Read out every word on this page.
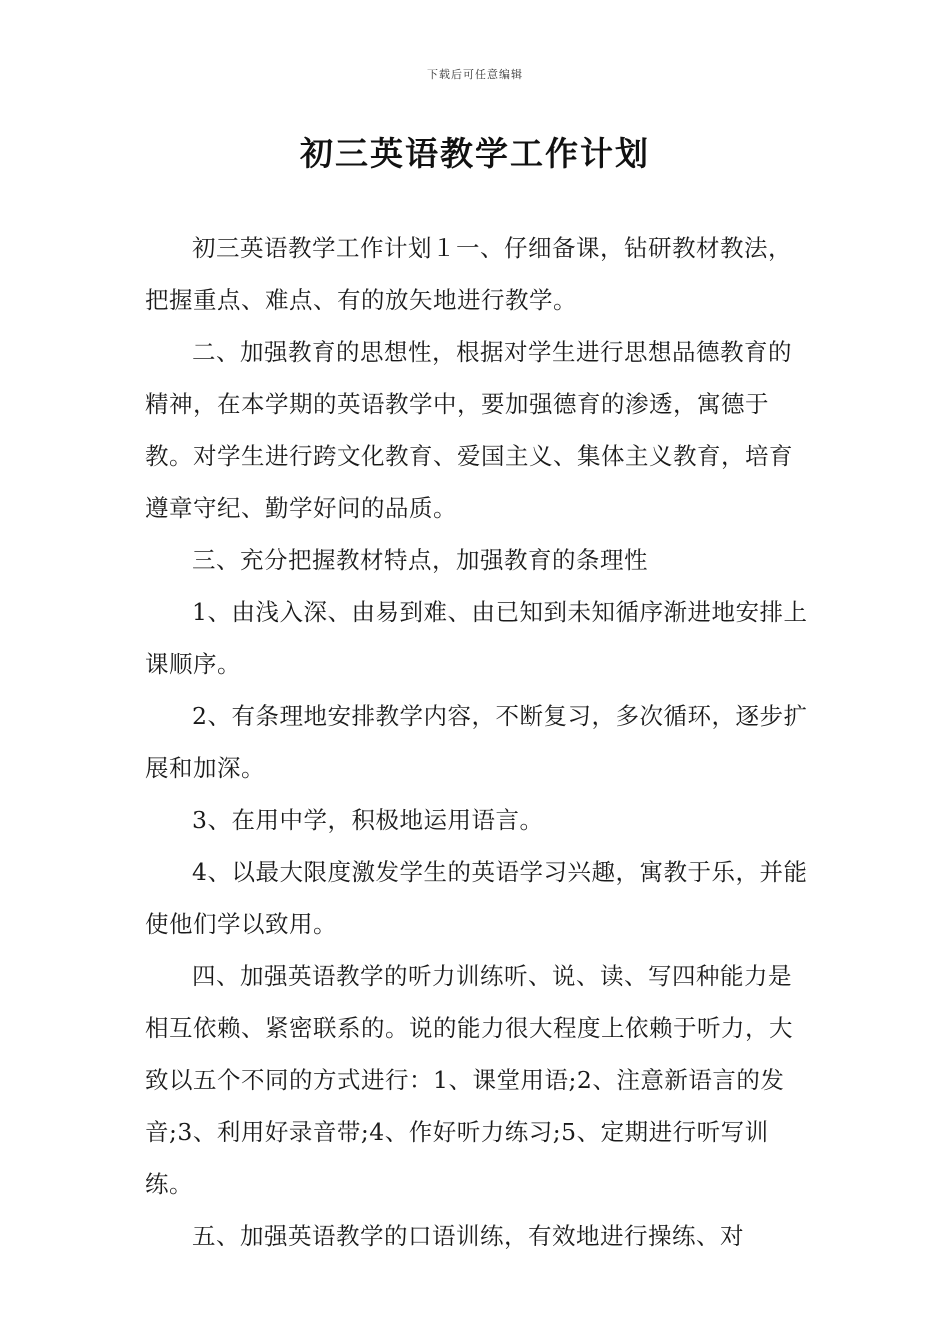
下载后可任意编辑
初三英语教学工作计划

初三英语教学工作计划１一、仔细备课，钻研教材教法，把握重点、难点、有的放矢地进行教学。

二、加强教育的思想性，根据对学生进行思想品德教育的精神，在本学期的英语教学中，要加强德育的渗透，寓德于教。对学生进行跨文化教育、爱国主义、集体主义教育，培育遵章守纪、勤学好问的品质。

三、充分把握教材特点，加强教育的条理性

1、由浅入深、由易到难、由已知到未知循序渐进地安排上课顺序。

2、有条理地安排教学内容，不断复习，多次循环，逐步扩展和加深。

3、在用中学，积极地运用语言。

4、以最大限度激发学生的英语学习兴趣，寓教于乐，并能使他们学以致用。

四、加强英语教学的听力训练听、说、读、写四种能力是相互依赖、紧密联系的。说的能力很大程度上依赖于听力，大致以五个不同的方式进行：1、课堂用语;2、注意新语言的发音;3、利用好录音带;4、作好听力练习;5、定期进行听写训练。

五、加强英语教学的口语训练，有效地进行操练、对
